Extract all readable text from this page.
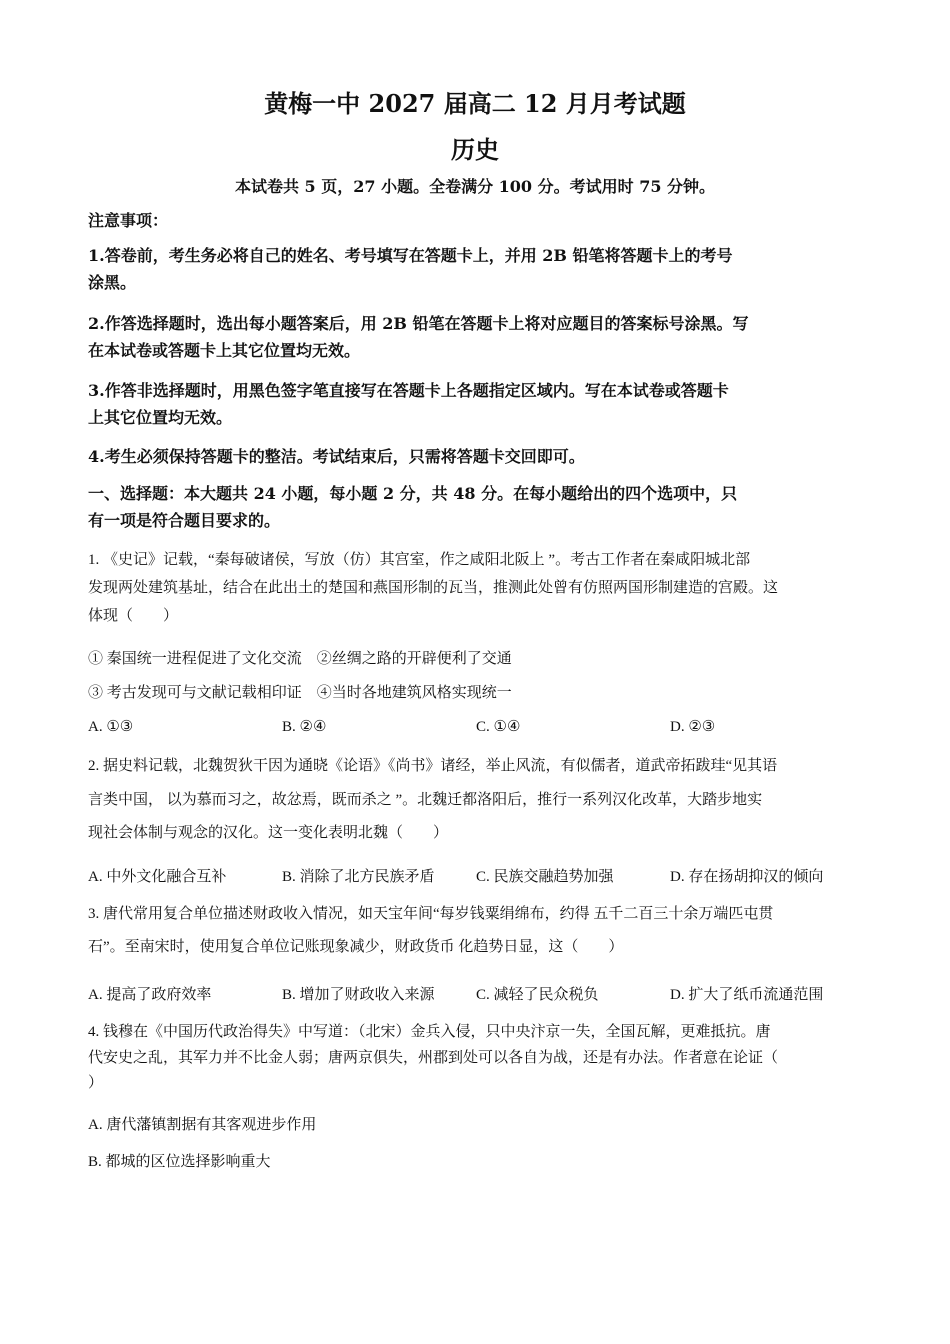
黄梅一中 2027 届高二 12 月月考试题
历史
本试卷共 5 页，27 小题。全卷满分 100 分。考试用时 75 分钟。
注意事项：
1.答卷前，考生务必将自己的姓名、考号填写在答题卡上，并用 2B 铅笔将答题卡上的考号
涂黑。
2.作答选择题时，选出每小题答案后，用 2B 铅笔在答题卡上将对应题目的答案标号涂黑。写
在本试卷或答题卡上其它位置均无效。
3.作答非选择题时，用黑色签字笔直接写在答题卡上各题指定区域内。写在本试卷或答题卡
上其它位置均无效。
4.考生必须保持答题卡的整洁。考试结束后，只需将答题卡交回即可。
一、选择题：本大题共 24 小题，每小题 2 分，共 48 分。在每小题给出的四个选项中，只
有一项是符合题目要求的。
1. 《史记》记载，“秦每破诸侯，写放（仿）其宫室，作之咸阳北阪上 ”。考古工作者在秦咸阳城北部
发现两处建筑基址，结合在此出土的楚国和燕国形制的瓦当，推测此处曾有仿照两国形制建造的宫殿。这
体现（　　）
① 秦国统一进程促进了文化交流　②丝绸之路的开辟便利了交通
③ 考古发现可与文献记载相印证　④当时各地建筑风格实现统一
A. ①③	B. ②④	C. ①④	D. ②③
2. 据史料记载，北魏贺狄干因为通晓《论语》《尚书》诸经，举止风流，有似儒者，道武帝拓跋珪“见其语
言类中国， 以为慕而习之，故忿焉，既而杀之 ”。北魏迁都洛阳后，推行一系列汉化改革，大踏步地实
现社会体制与观念的汉化。这一变化表明北魏（　　）
A. 中外文化融合互补	B. 消除了北方民族矛盾	C. 民族交融趋势加强	D. 存在扬胡抑汉的倾向
3. 唐代常用复合单位描述财政收入情况，如天宝年间“每岁钱粟绢绵布，约得 五千二百三十余万端匹屯贯
石”。至南宋时，使用复合单位记账现象减少，财政货币 化趋势日显，这（　　）
A. 提高了政府效率	B. 增加了财政收入来源	C. 减轻了民众税负	D. 扩大了纸币流通范围
4. 钱穆在《中国历代政治得失》中写道：（北宋）金兵入侵，只中央汴京一失，全国瓦解，更难抵抗。唐
代安史之乱，其军力并不比金人弱；唐两京俱失，州郡到处可以各自为战，还是有办法。作者意在论证（
）
A. 唐代藩镇割据有其客观进步作用
B. 都城的区位选择影响重大
